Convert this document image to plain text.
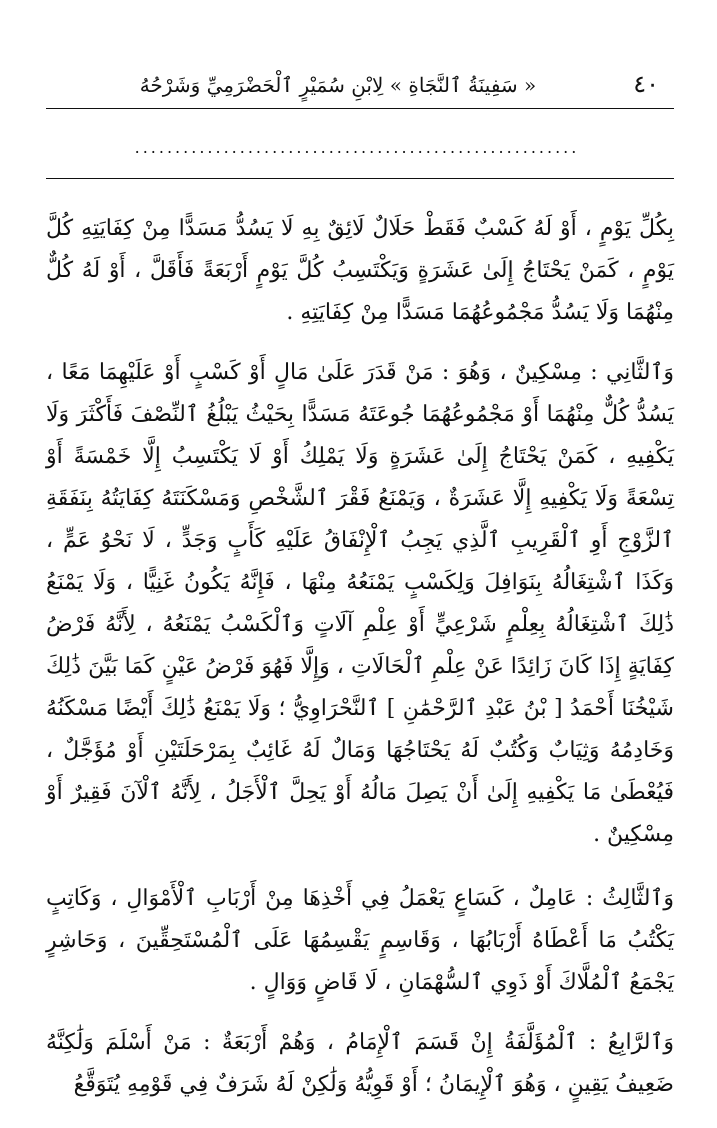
٤٠
« سَفِينَةُ ٱلنَّجَاةِ » لِابْنِ سُمَيْرٍ ٱلْحَضْرَمِيِّ وَشَرْحُهُ
.......................................................

بِكُلِّ يَوْمٍ ، أَوْ لَهُ كَسْبٌ فَقَطْ حَلَالٌ لَائِقٌ بِهِ لَا يَسُدُّ مَسَدًّا مِنْ كِفَايَتِهِ كُلَّ يَوْمٍ ، كَمَنْ يَحْتَاجُ إِلَىٰ عَشَرَةٍ وَيَكْتَسِبُ كُلَّ يَوْمٍ أَرْبَعَةً فَأَقَلَّ ، أَوْ لَهُ كُلٌّ مِنْهُمَا وَلَا يَسُدُّ مَجْمُوعُهُمَا مَسَدًّا مِنْ كِفَايَتِهِ .

وَٱلثَّانِي : مِسْكِينٌ ، وَهُوَ : مَنْ قَدَرَ عَلَىٰ مَالٍ أَوْ كَسْبٍ أَوْ عَلَيْهِمَا مَعًا ، يَسُدُّ كُلٌّ مِنْهُمَا أَوْ مَجْمُوعُهُمَا جُوعَتَهُ مَسَدًّا بِحَيْثُ يَبْلُغُ ٱلنِّصْفَ فَأَكْثَرَ وَلَا يَكْفِيهِ ، كَمَنْ يَحْتَاجُ إِلَىٰ عَشَرَةٍ وَلَا يَمْلِكُ أَوْ لَا يَكْتَسِبُ إِلَّا خَمْسَةً أَوْ تِسْعَةً وَلَا يَكْفِيهِ إِلَّا عَشَرَةٌ ، وَيَمْنَعُ فَقْرَ ٱلشَّخْصِ وَمَسْكَنَتَهُ كِفَايَتُهُ بِنَفَقَةِ ٱلزَّوْجِ أَوِ ٱلْقَرِيبِ ٱلَّذِي يَجِبُ ٱلْإِنْفَاقُ عَلَيْهِ كَأَبٍ وَجَدٍّ ، لَا نَحْوُ عَمٍّ ، وَكَذَا ٱشْتِغَالُهُ بِنَوَافِلَ وَلِكَسْبٍ يَمْنَعُهُ مِنْهَا ، فَإِنَّهُ يَكُونُ غَنِيًّا ، وَلَا يَمْنَعُ ذَٰلِكَ ٱشْتِغَالُهُ بِعِلْمٍ شَرْعِيٍّ أَوْ عِلْمِ آلَاتٍ وَٱلْكَسْبُ يَمْنَعُهُ ، لِأَنَّهُ فَرْضُ كِفَايَةٍ إِذَا كَانَ زَائِدًا عَنْ عِلْمِ ٱلْحَالَاتِ ، وَإِلَّا فَهُوَ فَرْضُ عَيْنٍ كَمَا بَيَّنَ ذَٰلِكَ شَيْخُنَا أَحْمَدُ [ بْنُ عَبْدِ ٱلرَّحْمَٰنِ ] ٱلنَّحْرَاوِيُّ ؛ وَلَا يَمْنَعُ ذَٰلِكَ أَيْضًا مَسْكَنُهُ وَخَادِمُهُ وَثِيَابٌ وَكُتُبٌ لَهُ يَحْتَاجُهَا وَمَالٌ لَهُ غَائِبٌ بِمَرْحَلَتَيْنِ أَوْ مُؤَجَّلٌ ، فَيُعْطَىٰ مَا يَكْفِيهِ إِلَىٰ أَنْ يَصِلَ مَالُهُ أَوْ يَحِلَّ ٱلْأَجَلُ ، لِأَنَّهُ ٱلْآنَ فَقِيرٌ أَوْ مِسْكِينٌ .

وَٱلثَّالِثُ : عَامِلٌ ، كَسَاعٍ يَعْمَلُ فِي أَخْذِهَا مِنْ أَرْبَابِ ٱلْأَمْوَالِ ، وَكَاتِبٍ يَكْتُبُ مَا أَعْطَاهُ أَرْبَابُهَا ، وَقَاسِمٍ يَقْسِمُهَا عَلَى ٱلْمُسْتَحِقِّينَ ، وَحَاشِرٍ يَجْمَعُ ٱلْمُلَّاكَ أَوْ ذَوِي ٱلسُّهْمَانِ ، لَا قَاضٍ وَوَالٍ .

وَٱلرَّابِعُ : ٱلْمُؤَلَّفَةُ إِنْ قَسَمَ ٱلْإِمَامُ ، وَهُمْ أَرْبَعَةٌ : مَنْ أَسْلَمَ وَلَٰكِنَّهُ ضَعِيفُ يَقِينٍ ، وَهُوَ ٱلْإِيمَانُ ؛ أَوْ قَوِيُّهُ وَلَٰكِنْ لَهُ شَرَفٌ فِي قَوْمِهِ يُتَوَقَّعُ
